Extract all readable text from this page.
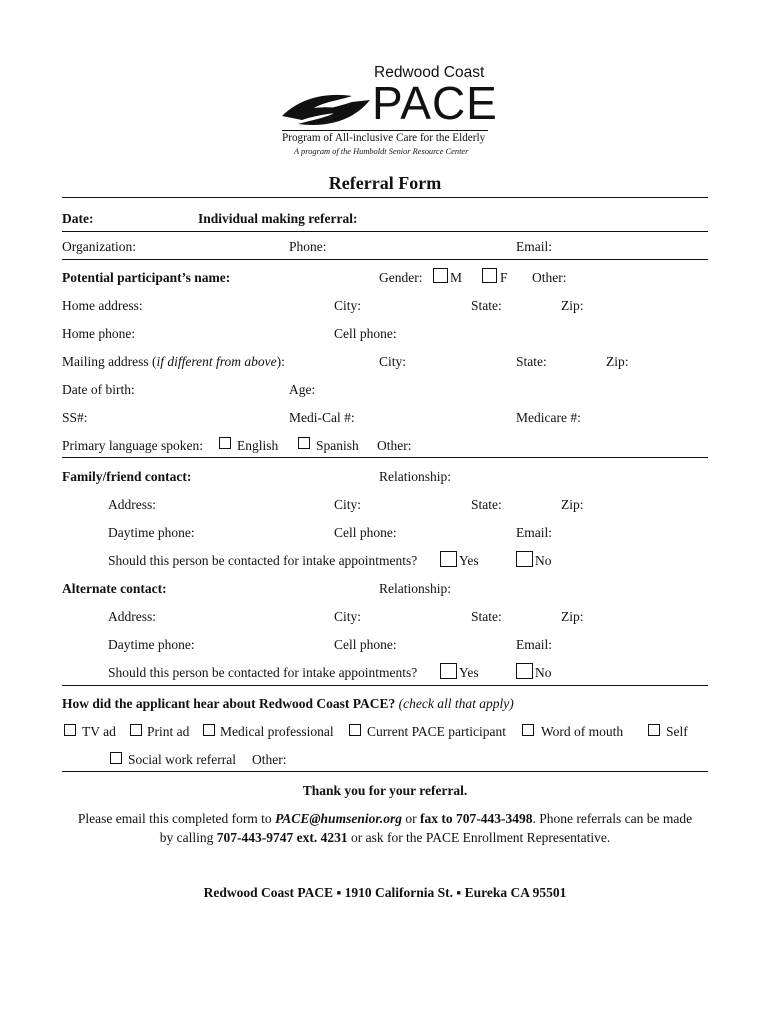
Redwood Coast
PACE
Program of All-inclusive Care for the Elderly
A program of the Humboldt Senior Resource Center
Referral Form
Date:	Individual making referral:
Organization:	Phone:	Email:
Potential participant’s name:	Gender: M	F Other:
Home address:	City:	State:	Zip:
Home phone:	Cell phone:
Mailing address (if different from above):	City:	State:	Zip:
Date of birth:	Age:
SS#:	Medi-Cal #:	Medicare #:
Primary language spoken:	English	Spanish Other:
Family/friend contact:	Relationship:
Address:	City:	State:	Zip:
Daytime phone:	Cell phone:	Email:
Should this person be contacted for intake appointments?	Yes	No
Alternate contact:	Relationship:
Address:	City:	State:	Zip:
Daytime phone:	Cell phone:	Email:
Should this person be contacted for intake appointments?	Yes	No
How did the applicant hear about Redwood Coast PACE? (check all that apply)
TV ad Print ad Medical professional Current PACE participant	Word of mouth	Self
Social work referral Other:
Thank you for your referral.
Please email this completed form to PACE@humsenior.org or fax to 707-443-3498. Phone referrals can be made
by calling 707-443-9747 ext. 4231 or ask for the PACE Enrollment Representative.
Redwood Coast PACE ▪ 1910 California St. ▪ Eureka CA 95501
